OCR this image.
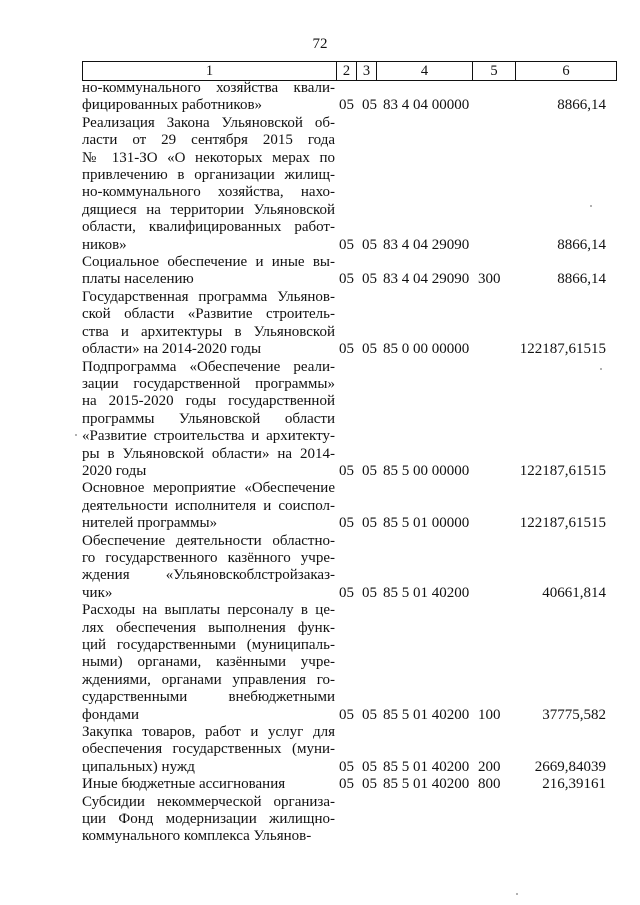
72
1	2	3	4	5	6
но-коммунального хозяйства квали-
фицированных работников»	05 05 83 4 04 00000	8866,14
Реализация Закона Ульяновской об-
ласти от 29 сентября 2015 года
№ 131-ЗО «О некоторых мерах по
привлечению в организации жилищ-
но-коммунального хозяйства, нахо-
дящиеся на территории Ульяновской
области, квалифицированных работ-
ников»	05 05 83 4 04 29090	8866,14
Социальное обеспечение и иные вы-
платы населению	05 05 83 4 04 29090 300	8866,14
Государственная программа Ульянов-
ской области «Развитие строитель-
ства и архитектуры в Ульяновской
области» на 2014-2020 годы	05 05 85 0 00 00000	122187,61515
Подпрограмма «Обеспечение реали-
зации государственной программы»
на 2015-2020 годы государственной
программы Ульяновской области
«Развитие строительства и архитекту-
ры в Ульяновской области» на 2014-
2020 годы	05 05 85 5 00 00000	122187,61515
Основное мероприятие «Обеспечение
деятельности исполнителя и соиспол-
нителей программы»	05 05 85 5 01 00000	122187,61515
Обеспечение деятельности областно-
го государственного казённого учре-
ждения «Ульяновскоблстройзаказ-
чик»	05 05 85 5 01 40200	40661,814
Расходы на выплаты персоналу в це-
лях обеспечения выполнения функ-
ций государственными (муниципаль-
ными) органами, казёнными учре-
ждениями, органами управления го-
сударственными внебюджетными
фондами	05 05 85 5 01 40200 100	37775,582
Закупка товаров, работ и услуг для
обеспечения государственных (муни-
ципальных) нужд	05 05 85 5 01 40200 200 2669,84039
Иные бюджетные ассигнования	05 05 85 5 01 40200 800	216,39161
Субсидии некоммерческой организа-
ции Фонд модернизации жилищно-
коммунального комплекса Ульянов-
